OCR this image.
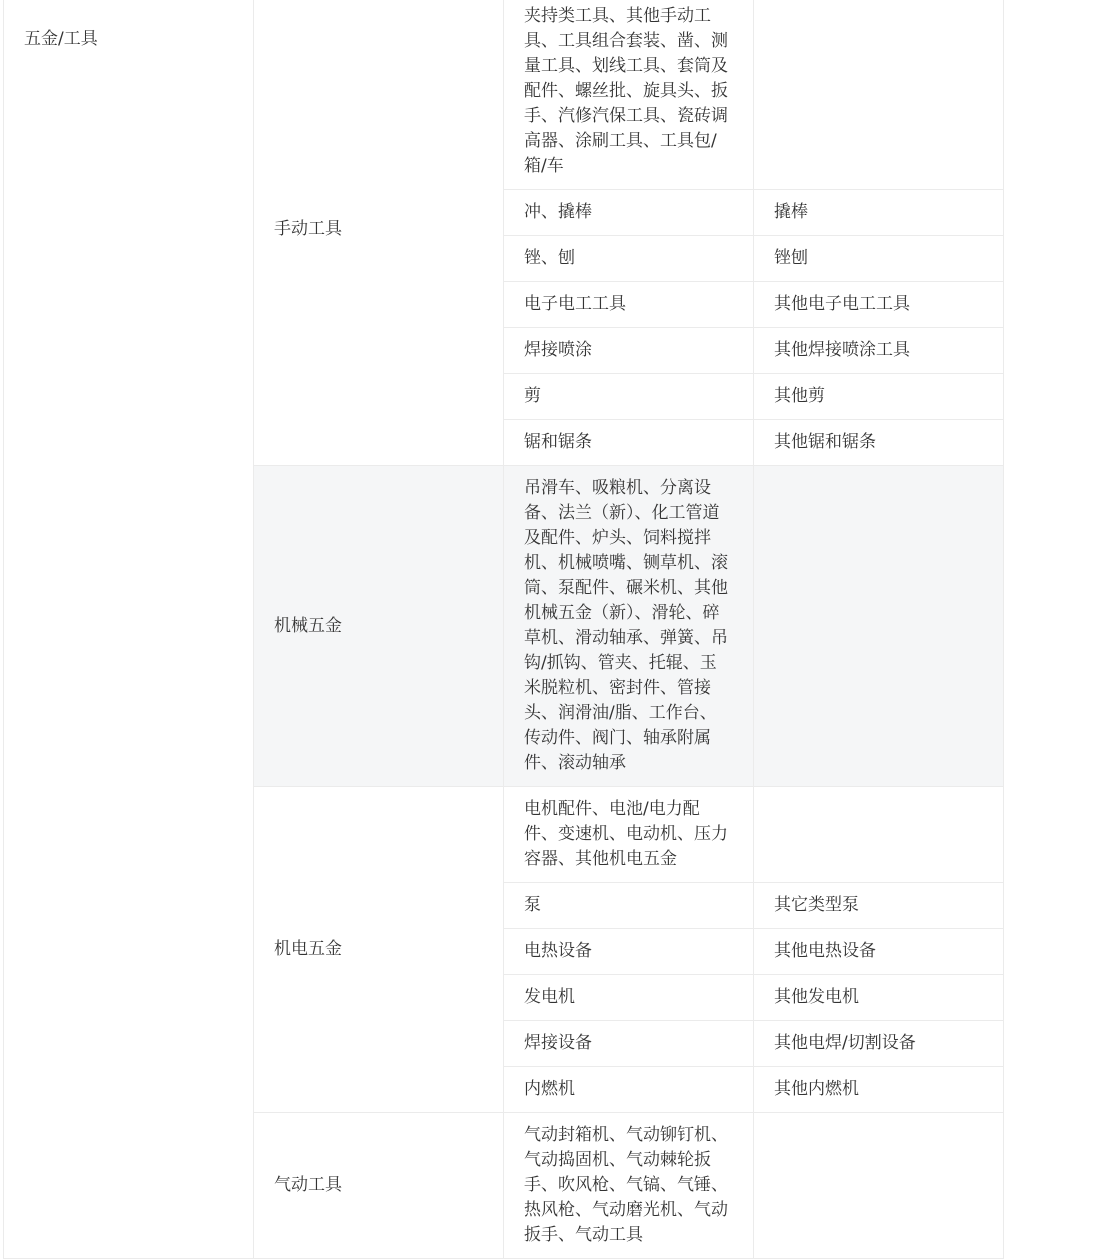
五金/工具	手动工具	夹持类工具、其他手动工具、工具组合套装、凿、测量工具、划线工具、套筒及配件、螺丝批、旋具头、扳手、汽修汽保工具、瓷砖调高器、涂刷工具、工具包/箱/车	
		冲、撬棒	撬棒
		锉、刨	锉刨
		电子电工工具	其他电子电工工具
		焊接喷涂	其他焊接喷涂工具
		剪	其他剪
		锯和锯条	其他锯和锯条
	机械五金	吊滑车、吸粮机、分离设备、法兰（新）、化工管道及配件、炉头、饲料搅拌机、机械喷嘴、铡草机、滚筒、泵配件、碾米机、其他机械五金（新）、滑轮、碎草机、滑动轴承、弹簧、吊钩/抓钩、管夹、托辊、玉米脱粒机、密封件、管接头、润滑油/脂、工作台、传动件、阀门、轴承附属件、滚动轴承	
	机电五金	电机配件、电池/电力配件、变速机、电动机、压力容器、其他机电五金	
		泵	其它类型泵
		电热设备	其他电热设备
		发电机	其他发电机
		焊接设备	其他电焊/切割设备
		内燃机	其他内燃机
	气动工具	气动封箱机、气动铆钉机、气动捣固机、气动棘轮扳手、吹风枪、气镐、气锤、热风枪、气动磨光机、气动扳手、气动工具	
